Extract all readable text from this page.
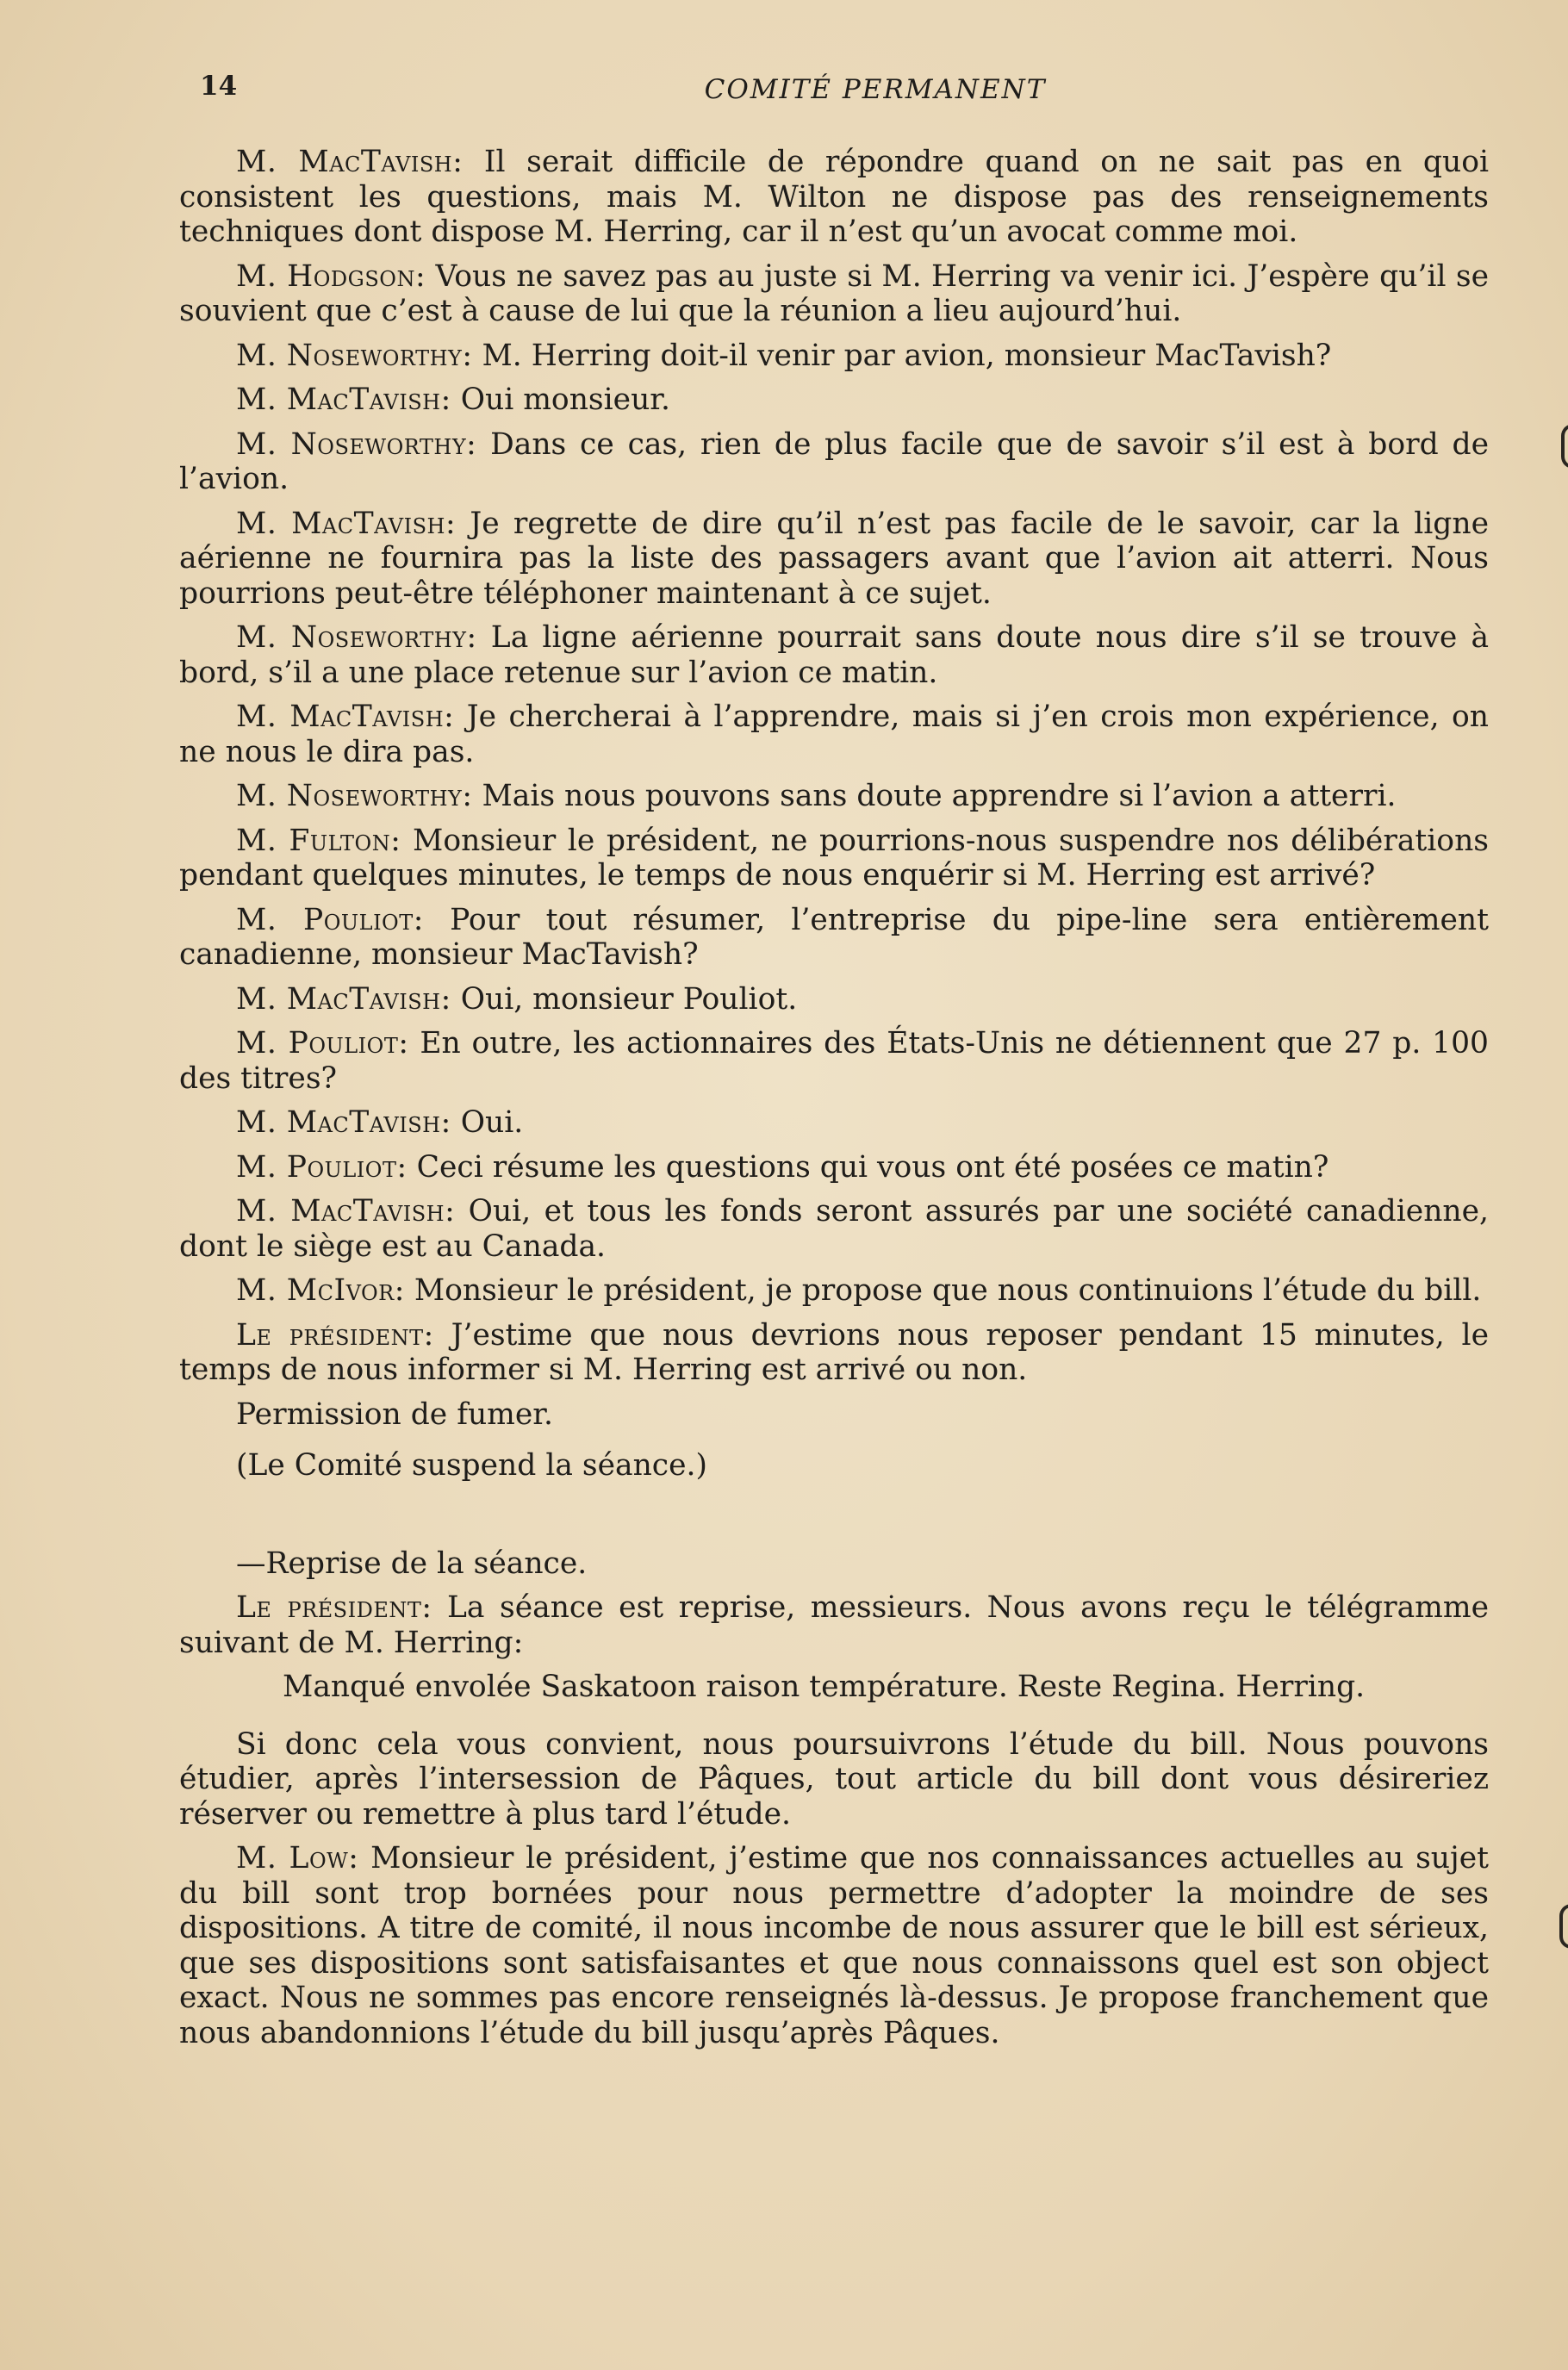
14	COMITÉ PERMANENT

M. MacTavish: Il serait difficile de répondre quand on ne sait pas en quoi consistent les questions, mais M. Wilton ne dispose pas des renseignements techniques dont dispose M. Herring, car il n’est qu’un avocat comme moi.

M. Hodgson: Vous ne savez pas au juste si M. Herring va venir ici. J’espère qu’il se souvient que c’est à cause de lui que la réunion a lieu aujourd’hui.

M. Noseworthy: M. Herring doit-il venir par avion, monsieur MacTavish?

M. MacTavish: Oui monsieur.

M. Noseworthy: Dans ce cas, rien de plus facile que de savoir s’il est à bord de l’avion.

M. MacTavish: Je regrette de dire qu’il n’est pas facile de le savoir, car la ligne aérienne ne fournira pas la liste des passagers avant que l’avion ait atterri. Nous pourrions peut-être téléphoner maintenant à ce sujet.

M. Noseworthy: La ligne aérienne pourrait sans doute nous dire s’il se trouve à bord, s’il a une place retenue sur l’avion ce matin.

M. MacTavish: Je chercherai à l’apprendre, mais si j’en crois mon expérience, on ne nous le dira pas.

M. Noseworthy: Mais nous pouvons sans doute apprendre si l’avion a atterri.

M. Fulton: Monsieur le président, ne pourrions-nous suspendre nos délibérations pendant quelques minutes, le temps de nous enquérir si M. Herring est arrivé?

M. Pouliot: Pour tout résumer, l’entreprise du pipe-line sera entièrement canadienne, monsieur MacTavish?

M. MacTavish: Oui, monsieur Pouliot.

M. Pouliot: En outre, les actionnaires des États-Unis ne détiennent que 27 p. 100 des titres?

M. MacTavish: Oui.

M. Pouliot: Ceci résume les questions qui vous ont été posées ce matin?

M. MacTavish: Oui, et tous les fonds seront assurés par une société canadienne, dont le siège est au Canada.

M. McIvor: Monsieur le président, je propose que nous continuions l’étude du bill.

Le président: J’estime que nous devrions nous reposer pendant 15 minutes, le temps de nous informer si M. Herring est arrivé ou non.

Permission de fumer.

(Le Comité suspend la séance.)

—Reprise de la séance.

Le président: La séance est reprise, messieurs. Nous avons reçu le télégramme suivant de M. Herring:

Manqué envolée Saskatoon raison température. Reste Regina. Herring.

Si donc cela vous convient, nous poursuivrons l’étude du bill. Nous pouvons étudier, après l’intersession de Pâques, tout article du bill dont vous désireriez réserver ou remettre à plus tard l’étude.

M. Low: Monsieur le président, j’estime que nos connaissances actuelles au sujet du bill sont trop bornées pour nous permettre d’adopter la moindre de ses dispositions. A titre de comité, il nous incombe de nous assurer que le bill est sérieux, que ses dispositions sont satisfaisantes et que nous connaissons quel est son object exact. Nous ne sommes pas encore renseignés là-dessus. Je propose franchement que nous abandonnions l’étude du bill jusqu’après Pâques.
